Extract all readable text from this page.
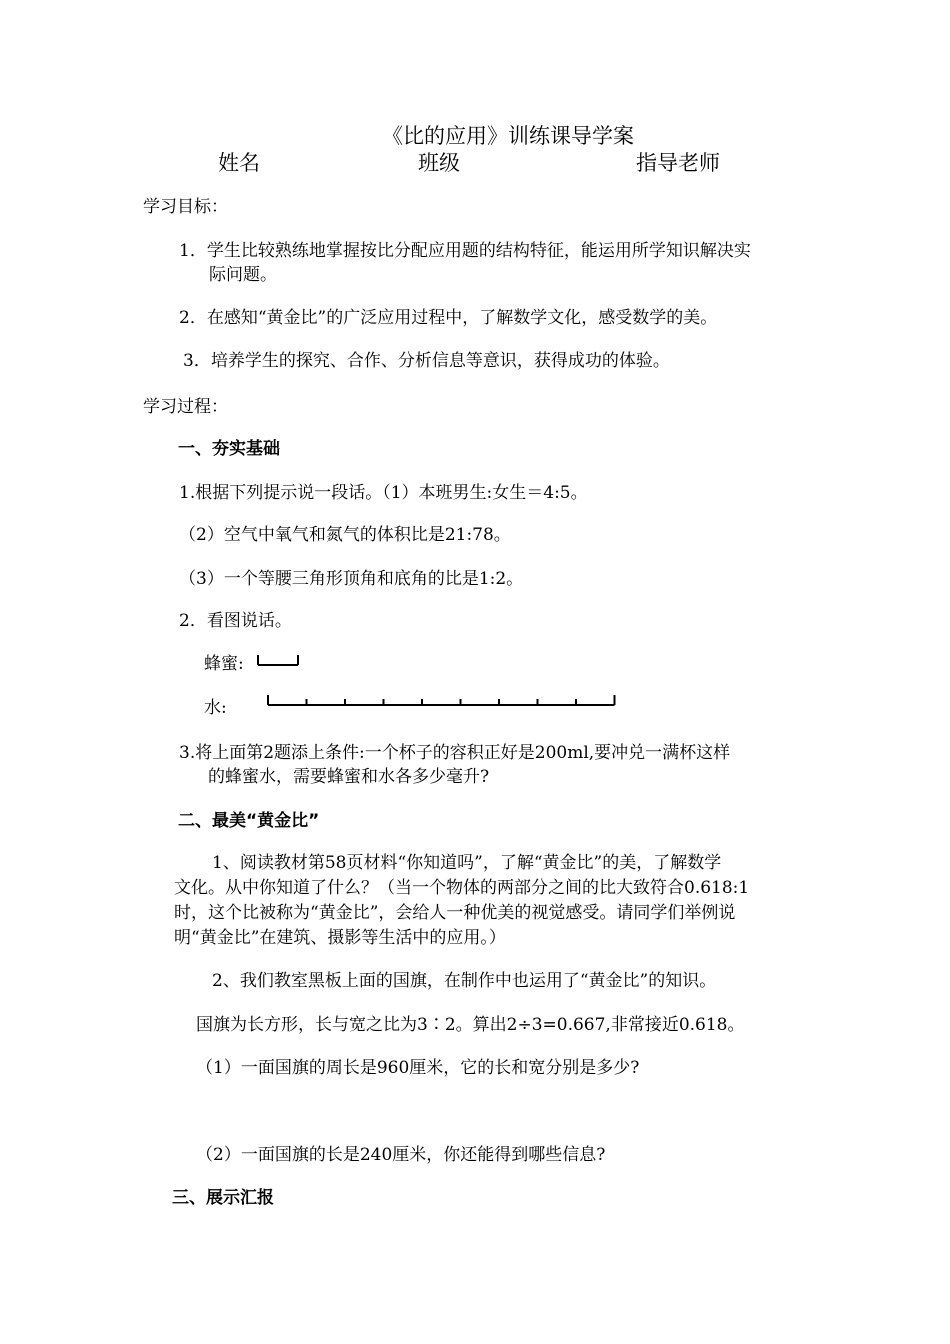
《比的应用》训练课导学案
姓名	班级	指导老师
学习目标：
1．学生比较熟练地掌握按比分配应用题的结构特征，能运用所学知识解决实
际问题。
2．在感知“黄金比”的广泛应用过程中，了解数学文化，感受数学的美。
3．培养学生的探究、合作、分析信息等意识，获得成功的体验。
学习过程：
一、夯实基础
1.根据下列提示说一段话。（1）本班男生:女生＝4:5。
（2）空气中氧气和氮气的体积比是21:78。
（3）一个等腰三角形顶角和底角的比是1:2。
2．看图说话。
蜂蜜:
水:
3.将上面第2题添上条件:一个杯子的容积正好是200ml,要冲兑一满杯这样
的蜂蜜水，需要蜂蜜和水各多少毫升?
二、最美“黄金比”
1、阅读教材第58页材料“你知道吗”，了解“黄金比”的美，了解数学
文化。从中你知道了什么？（当一个物体的两部分之间的比大致符合0.618:1
时，这个比被称为“黄金比”，会给人一种优美的视觉感受。请同学们举例说
明“黄金比”在建筑、摄影等生活中的应用。）
2、我们教室黑板上面的国旗，在制作中也运用了“黄金比”的知识。
国旗为长方形，长与宽之比为3∶2。算出2÷3=0.667,非常接近0.618。
（1）一面国旗的周长是960厘米，它的长和宽分别是多少?
（2）一面国旗的长是240厘米，你还能得到哪些信息?
三、展示汇报
